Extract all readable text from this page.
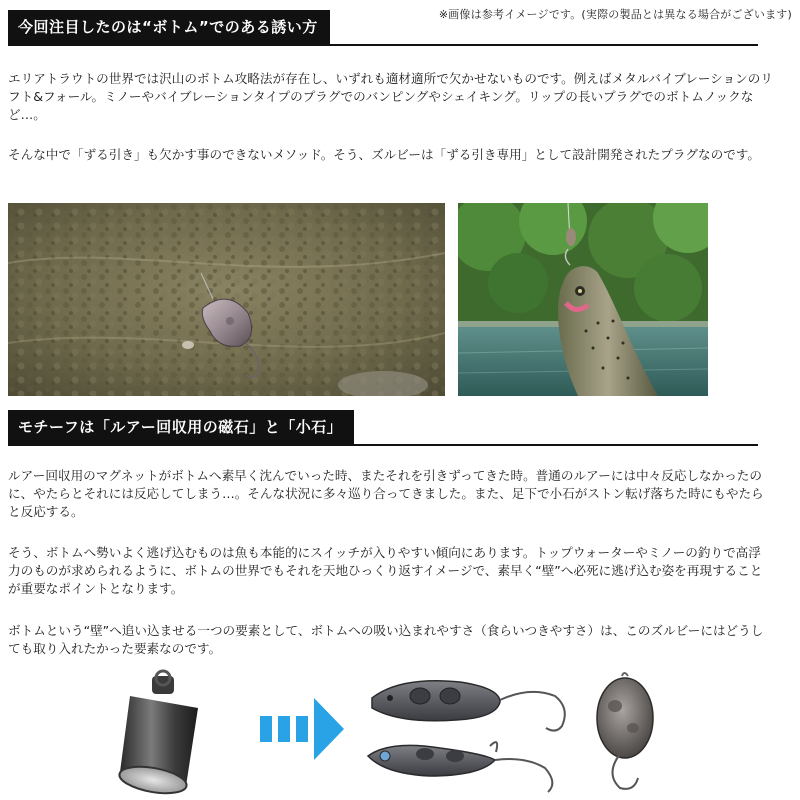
※画像は参考イメージです。(実際の製品とは異なる場合がございます)
今回注目したのは“ボトム”でのある誘い方

エリアトラウトの世界では沢山のボトム攻略法が存在し、いずれも適材適所で欠かせないものです。例えばメタルバイブレーションのリフト&フォール。ミノーやバイブレーションタイプのプラグでのバンピングやシェイキング。リップの長いプラグでのボトムノックなど…。

そんな中で「ずる引き」も欠かす事のできないメソッド。そう、ズルビーは「ずる引き専用」として設計開発されたプラグなのです。

モチーフは「ルアー回収用の磁石」と「小石」

ルアー回収用のマグネットがボトムへ素早く沈んでいった時、またそれを引きずってきた時。普通のルアーには中々反応しなかったのに、やたらとそれには反応してしまう…。そんな状況に多々巡り合ってきました。また、足下で小石がストン転げ落ちた時にもやたらと反応する。

そう、ボトムへ勢いよく逃げ込むものは魚も本能的にスイッチが入りやすい傾向にあります。トップウォーターやミノーの釣りで高浮力のものが求められるように、ボトムの世界でもそれを天地ひっくり返すイメージで、素早く“壁”へ必死に逃げ込む姿を再現することが重要なポイントとなります。

ボトムという“壁”へ追い込ませる一つの要素として、ボトムへの吸い込まれやすさ（食らいつきやすさ）は、このズルビーにはどうしても取り入れたかった要素なのです。
